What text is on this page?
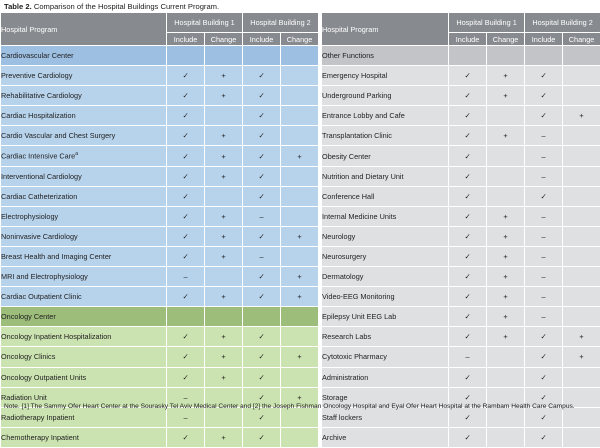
Table 2. Comparison of the Hospital Buildings Current Program.
Hospital Program	Hospital Building 1		Hospital Building 2			Hospital Program	Hospital Building 1		Hospital Building 2	
	Include	Change	Include	Change			Include	Change	Include	Change
Cardiovascular Center						Other Functions				
Preventive Cardiology	✓	+	✓			Emergency Hospital	✓	+	✓	
Rehabilitative Cardiology	✓	+	✓			Underground Parking	✓	+	✓	
Cardiac Hospitalization	✓		✓			Entrance Lobby and Cafe	✓		✓	+
Cardio Vascular and Chest Surgery	✓	+	✓			Transplantation Clinic	✓	+	–	
Cardiac Intensive Care$^a$	✓	+	✓	+		Obesity Center	✓		–	
Interventional Cardiology	✓	+	✓			Nutrition and Dietary Unit	✓		–	
Cardiac Catheterization	✓		✓			Conference Hall	✓		✓	
Electrophysiology	✓	+	–			Internal Medicine Units	✓	+	–	
Noninvasive Cardiology	✓	+	✓	+		Neurology	✓	+	–	
Breast Health and Imaging Center	✓	+	–			Neurosurgery	✓	+	–	
MRI and Electrophysiology	–		✓	+		Dermatology	✓	+	–	
Cardiac Outpatient Clinic	✓	+	✓	+		Video-EEG Monitoring	✓	+	–	
Oncology Center						Epilepsy Unit EEG Lab	✓	+	–	
Oncology Inpatient Hospitalization	✓	+	✓			Research Labs	✓	+	✓	+
Oncology Clinics	✓	+	✓	+		Cytotoxic Pharmacy	–		✓	+
Oncology Outpatient Units	✓	+	✓			Administration	✓		✓	
Radiation Unit	–		✓	+		Storage	✓		✓	
Radiotherapy Inpatient	–		✓			Staff lockers	✓		✓	
Chemotherapy Inpatient	✓	+	✓			Archive	✓		✓	
Note. [1] The Sammy Ofer Heart Center at the Sourasky Tel Aviv Medical Center and [2] the Joseph Fishman Oncology Hospital and Eyal Ofer Heart Hospital at the Rambam Health Care Campus.
